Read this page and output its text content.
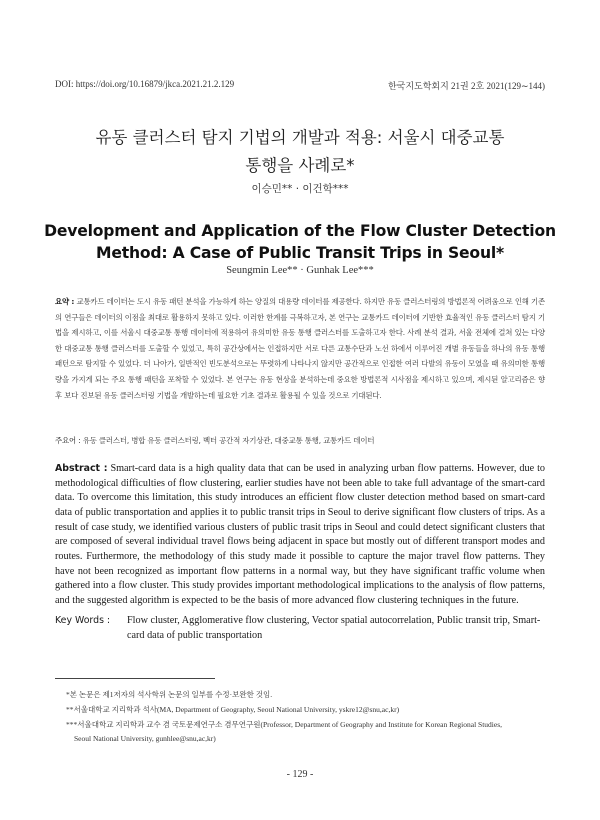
DOI: https://doi.org/10.16879/jkca.2021.21.2.129	한국지도학회지 21권 2호 2021(129∼144)
유동 클러스터 탐지 기법의 개발과 적용: 서울시 대중교통
통행을 사례로*
이승민** · 이건학***
Development and Application of the Flow Cluster Detection
Method: A Case of Public Transit Trips in Seoul*
Seungmin Lee** · Gunhak Lee***
요약 : 교통카드 데이터는 도시 유동 패턴 분석을 가능하게 하는 양질의 대용량 데이터를 제공한다. 하지만 유동 클러스터링의 방법론적 어려움으로 인해 기존의 연구들은 데이터의 이점을 최대로 활용하지 못하고 있다. 이러한 한계를 극복하고자, 본 연구는 교통카드 데이터에 기반한 효율적인 유동 클러스터 탐지 기법을 제시하고, 이를 서울시 대중교통 통행 데이터에 적용하여 유의미한 유동 통행 클러스터를 도출하고자 한다. 사례 분석 결과, 서울 전체에 걸쳐 있는 다양한 대중교통 통행 클러스터를 도출할 수 있었고, 특히 공간상에서는 인접하지만 서로 다른 교통수단과 노선 하에서 이루어진 개별 유동들을 하나의 유동 통행 패턴으로 탐지할 수 있었다. 더 나아가, 일반적인 빈도분석으로는 뚜렷하게 나타나지 않지만 공간적으로 인접한 여러 다발의 유동이 모였을 때 유의미한 통행량을 가지게 되는 주요 통행 패턴을 포착할 수 있었다. 본 연구는 유동 현상을 분석하는데 중요한 방법론적 시사점을 제시하고 있으며, 제시된 알고리즘은 향후 보다 진보된 유동 클러스터링 기법을 개발하는데 필요한 기초 결과로 활용될 수 있을 것으로 기대된다.
주요어 : 유동 클러스터, 병합 유동 클러스터링, 벡터 공간적 자기상관, 대중교통 통행, 교통카드 데이터
Abstract : Smart-card data is a high quality data that can be used in analyzing urban flow patterns. However, due to methodological difficulties of flow clustering, earlier studies have not been able to take full advantage of the smart-card data. To overcome this limitation, this study introduces an efficient flow cluster detection method based on smart-card data of public transportation and applies it to public transit trips in Seoul to derive significant flow clusters of trips. As a result of case study, we identified various clusters of public trasit trips in Seoul and could detect significant clusters that are composed of several individual travel flows being adjacent in space but mostly out of different transport modes and routes. Furthermore, the methodology of this study made it possible to capture the major travel flow patterns. They have not been recognized as important flow patterns in a normal way, but they have significant traffic volume when gathered into a flow cluster. This study provides important methodological implications to the analysis of flow patterns, and the suggested algorithm is expected to be the basis of more advanced flow clustering techniques in the future.
Key Words :	Flow cluster, Agglomerative flow clustering, Vector spatial autocorrelation, Public transit trip, Smart-card data of public transportation
*본 논문은 제1저자의 석사학위 논문의 일부를 수정·보완한 것임.
**서울대학교 지리학과 석사(MA, Department of Geography, Seoul National University, yskre12@snu,ac,kr)
***서울대학교 지리학과 교수 겸 국토문제연구소 겸무연구원(Professor, Department of Geography and Institute for Korean Regional Studies,
Seoul National University, gunhlee@snu,ac,kr)
- 129 -
